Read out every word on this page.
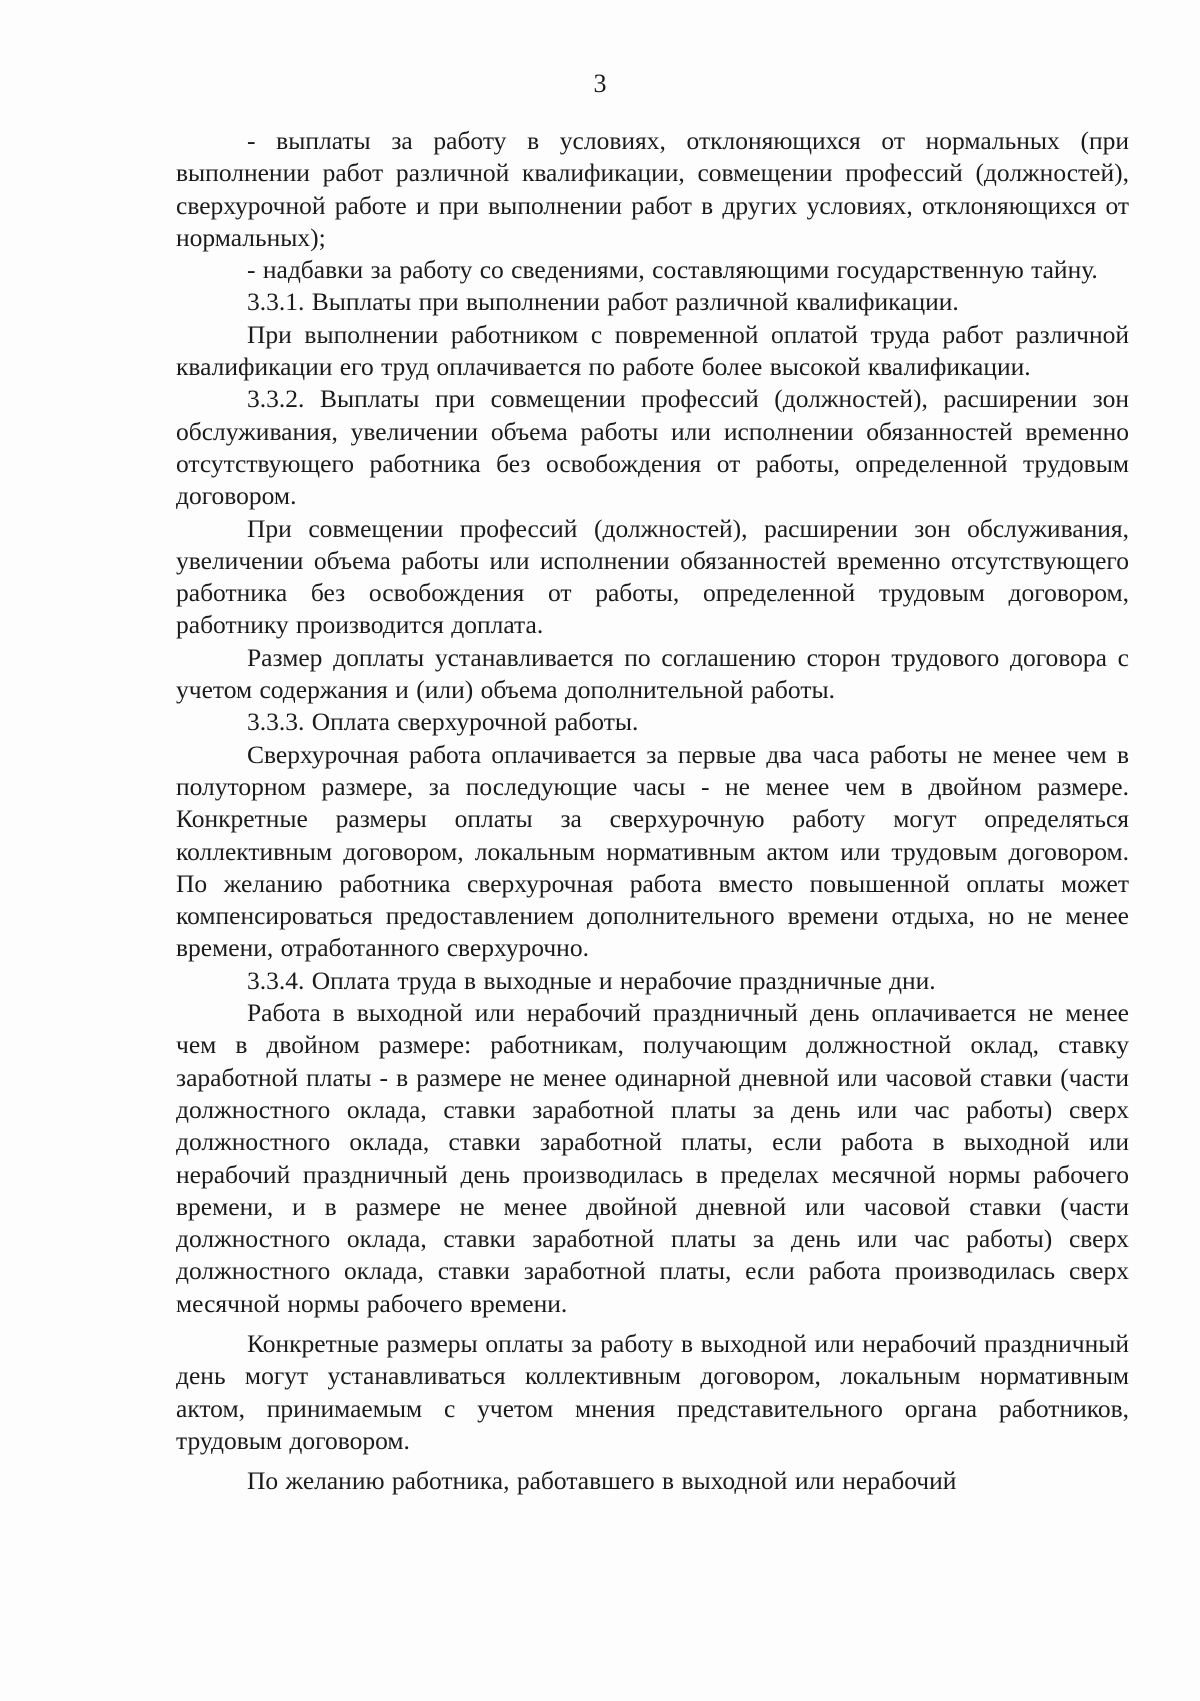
3

- выплаты за работу в условиях, отклоняющихся от нормальных (при выполнении работ различной квалификации, совмещении профессий (должностей), сверхурочной работе и при выполнении работ в других условиях, отклоняющихся от нормальных);

- надбавки за работу со сведениями, составляющими государственную тайну.

3.3.1. Выплаты при выполнении работ различной квалификации.

При выполнении работником с повременной оплатой труда работ различной квалификации его труд оплачивается по работе более высокой квалификации.

3.3.2. Выплаты при совмещении профессий (должностей), расширении зон обслуживания, увеличении объема работы или исполнении обязанностей временно отсутствующего работника без освобождения от работы, определенной трудовым договором.

При совмещении профессий (должностей), расширении зон обслуживания, увеличении объема работы или исполнении обязанностей временно отсутствующего работника без освобождения от работы, определенной трудовым договором, работнику производится доплата.

Размер доплаты устанавливается по соглашению сторон трудового договора с учетом содержания и (или) объема дополнительной работы.

3.3.3. Оплата сверхурочной работы.

Сверхурочная работа оплачивается за первые два часа работы не менее чем в полуторном размере, за последующие часы - не менее чем в двойном размере. Конкретные размеры оплаты за сверхурочную работу могут определяться коллективным договором, локальным нормативным актом или трудовым договором. По желанию работника сверхурочная работа вместо повышенной оплаты может компенсироваться предоставлением дополнительного времени отдыха, но не менее времени, отработанного сверхурочно.

3.3.4. Оплата труда в выходные и нерабочие праздничные дни.

Работа в выходной или нерабочий праздничный день оплачивается не менее чем в двойном размере: работникам, получающим должностной оклад, ставку заработной платы - в размере не менее одинарной дневной или часовой ставки (части должностного оклада, ставки заработной платы за день или час работы) сверх должностного оклада, ставки заработной платы, если работа в выходной или нерабочий праздничный день производилась в пределах месячной нормы рабочего времени, и в размере не менее двойной дневной или часовой ставки (части должностного оклада, ставки заработной платы за день или час работы) сверх должностного оклада, ставки заработной платы, если работа производилась сверх месячной нормы рабочего времени.

Конкретные размеры оплаты за работу в выходной или нерабочий праздничный день могут устанавливаться коллективным договором, локальным нормативным актом, принимаемым с учетом мнения представительного органа работников, трудовым договором.

По желанию работника, работавшего в выходной или нерабочий
